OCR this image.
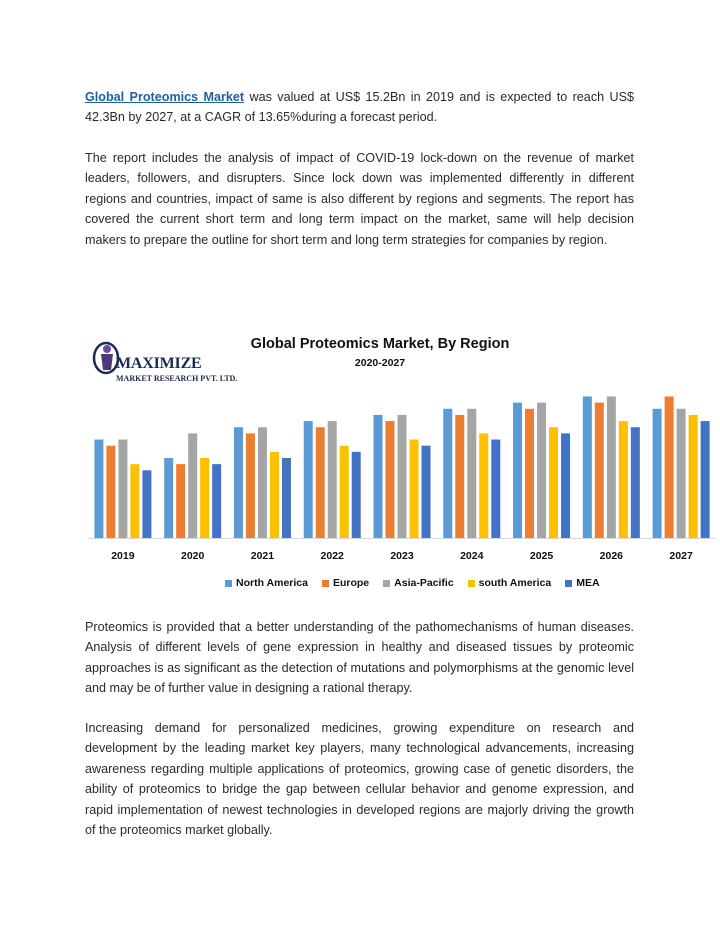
Global Proteomics Market was valued at US$ 15.2Bn in 2019 and is expected to reach US$ 42.3Bn by 2027, at a CAGR of 13.65%during a forecast period.

The report includes the analysis of impact of COVID-19 lock-down on the revenue of market leaders, followers, and disrupters. Since lock down was implemented differently in different regions and countries, impact of same is also different by regions and segments. The report has covered the current short term and long term impact on the market, same will help decision makers to prepare the outline for short term and long term strategies for companies by region.

2019	2020	2021	2022	2023	2024	2025	2026	2027
MAXIMIZE
MARKET RESEARCH PVT. LTD.
Global Proteomics Market, By Region
2020-2027
North America Europe Asia-Pacific south America MEA

Proteomics is provided that a better understanding of the pathomechanisms of human diseases. Analysis of different levels of gene expression in healthy and diseased tissues by proteomic approaches is as significant as the detection of mutations and polymorphisms at the genomic level and may be of further value in designing a rational therapy.

Increasing demand for personalized medicines, growing expenditure on research and development by the leading market key players, many technological advancements, increasing awareness regarding multiple applications of proteomics, growing case of genetic disorders, the ability of proteomics to bridge the gap between cellular behavior and genome expression, and rapid implementation of newest technologies in developed regions are majorly driving the growth of the proteomics market globally.
